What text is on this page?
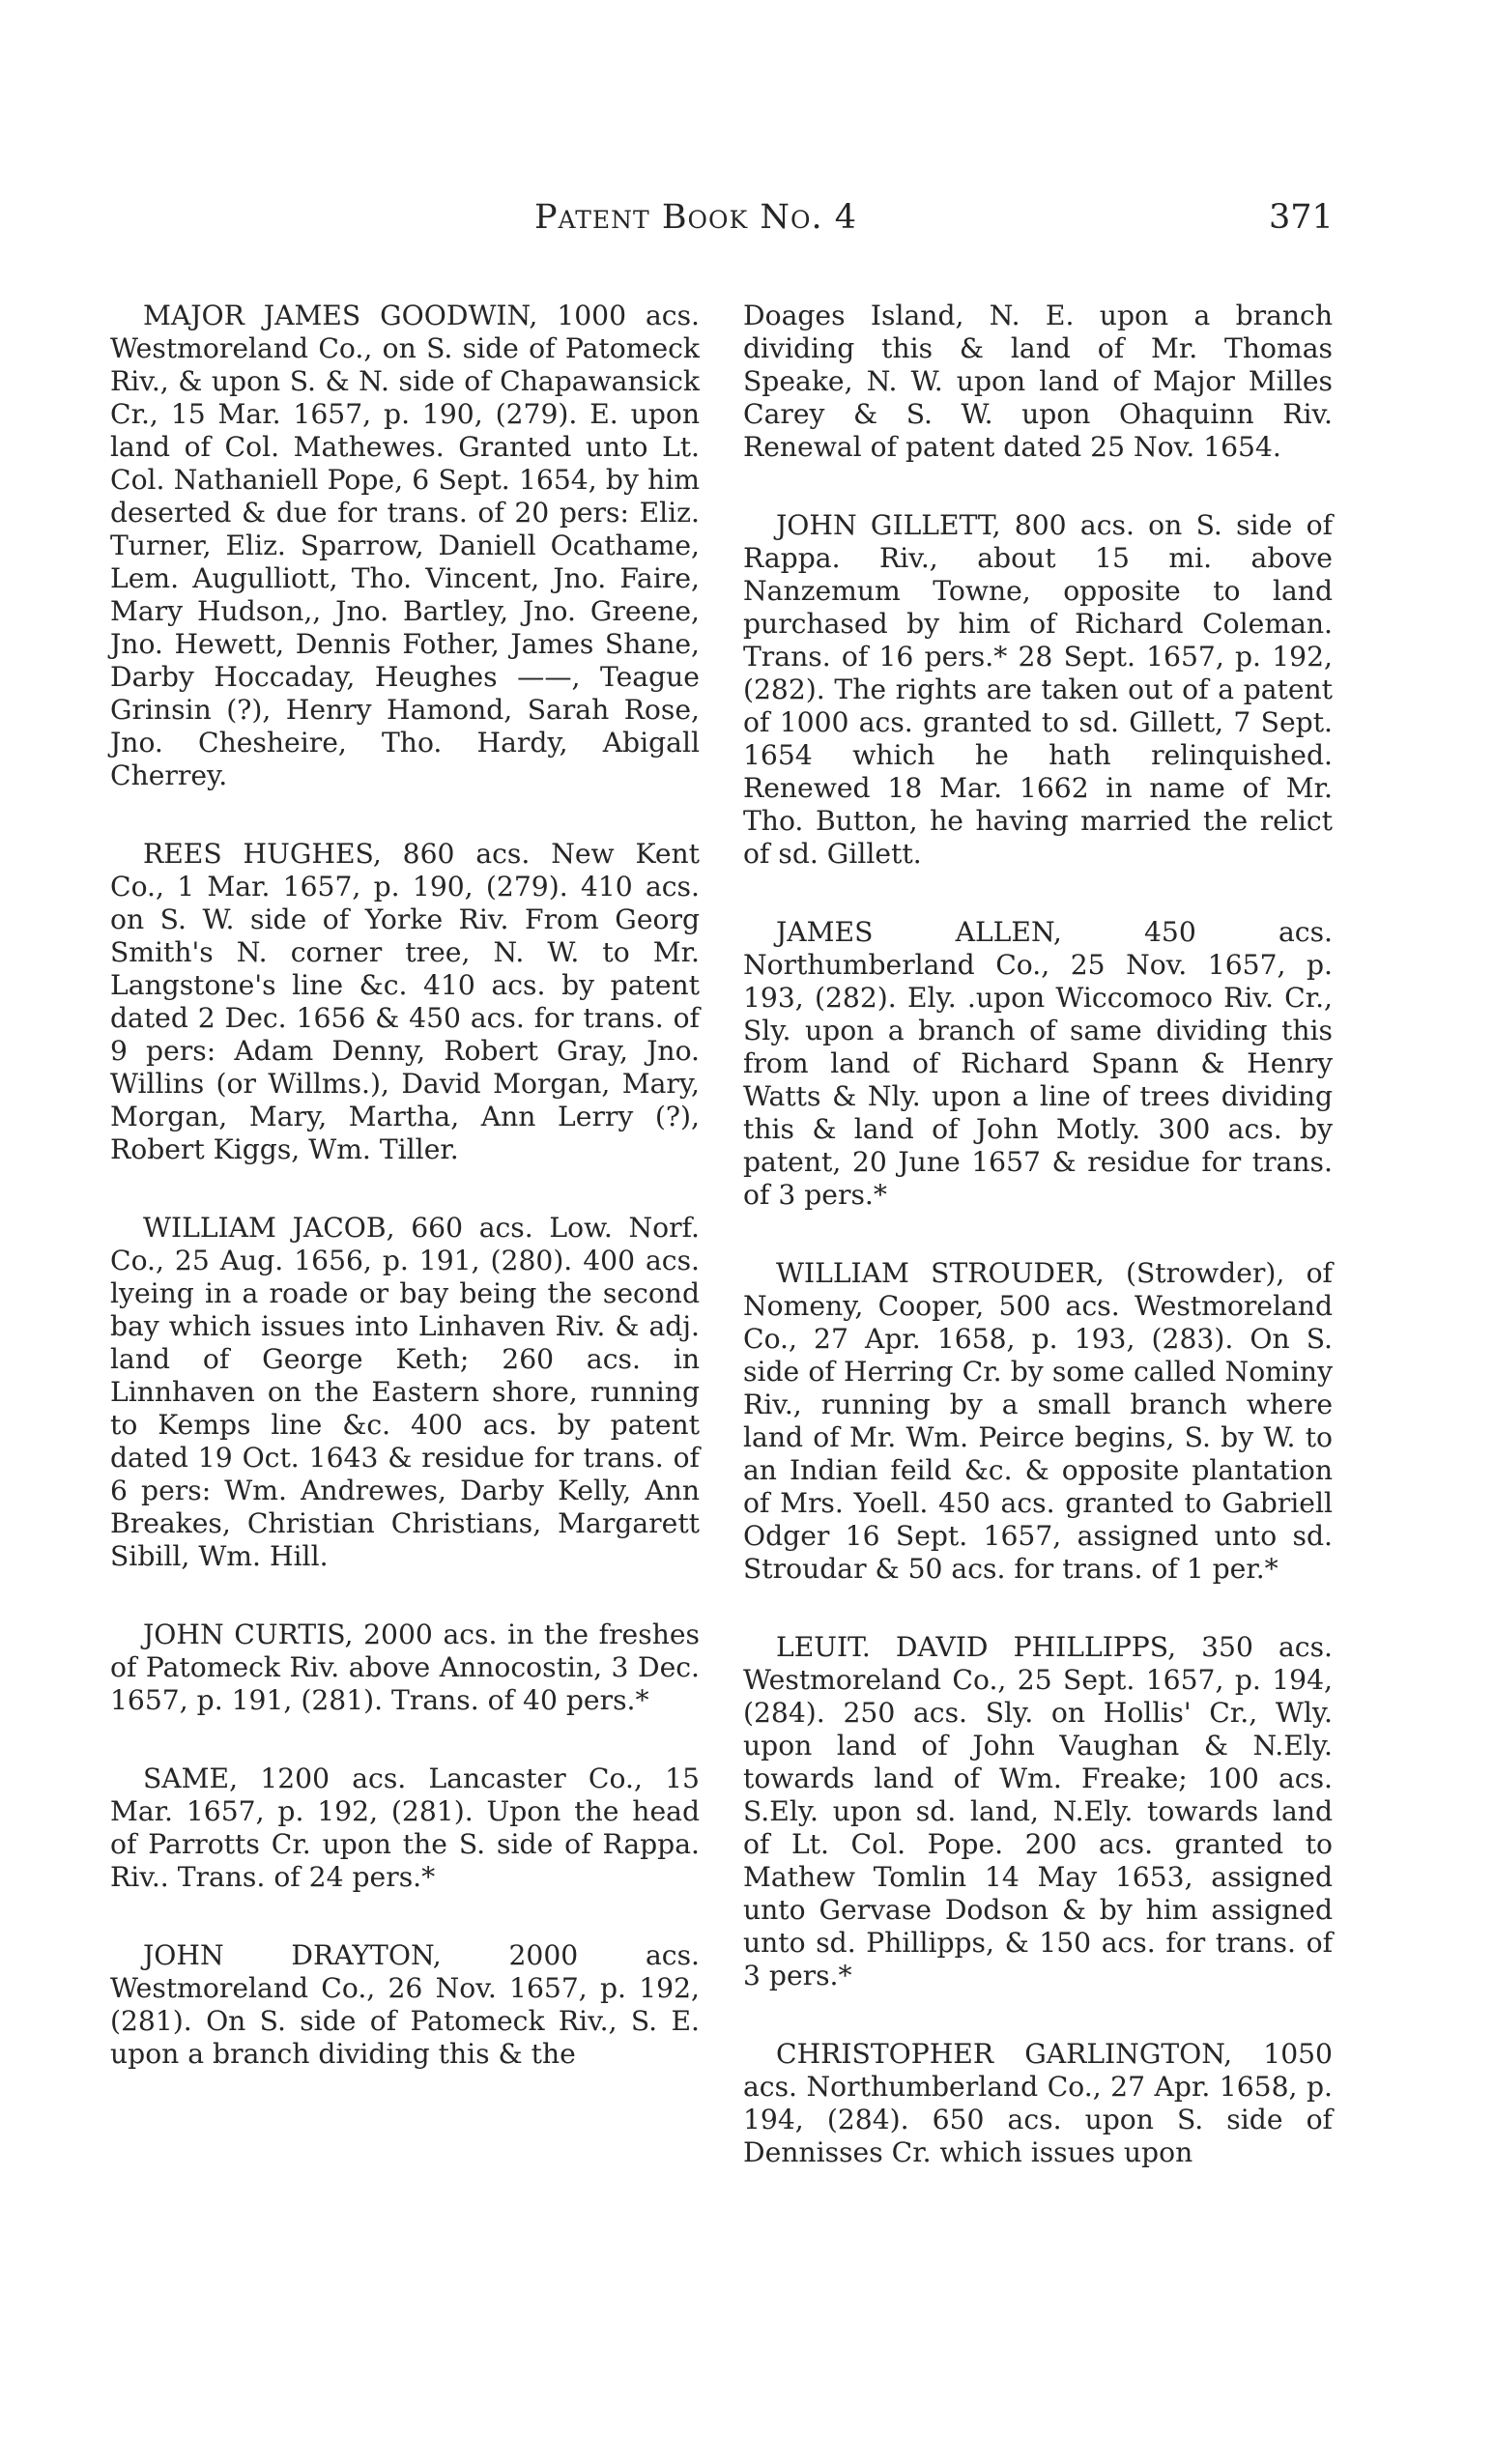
Patent Book No. 4	371

MAJOR JAMES GOODWIN, 1000 acs. Westmoreland Co., on S. side of Patomeck Riv., & upon S. & N. side of Chapawansick Cr., 15 Mar. 1657, p. 190, (279). E. upon land of Col. Mathewes. Granted unto Lt. Col. Nathaniell Pope, 6 Sept. 1654, by him deserted & due for trans. of 20 pers: Eliz. Turner, Eliz. Sparrow, Daniell Ocathame, Lem. Augulliott, Tho. Vincent, Jno. Faire, Mary Hudson,, Jno. Bartley, Jno. Greene, Jno. Hewett, Dennis Fother, James Shane, Darby Hoccaday, Heughes ——, Teague Grinsin (?), Henry Hamond, Sarah Rose, Jno. Chesheire, Tho. Hardy, Abigall Cherrey.

REES HUGHES, 860 acs. New Kent Co., 1 Mar. 1657, p. 190, (279). 410 acs. on S. W. side of Yorke Riv. From Georg Smith's N. corner tree, N. W. to Mr. Langstone's line &c. 410 acs. by patent dated 2 Dec. 1656 & 450 acs. for trans. of 9 pers: Adam Denny, Robert Gray, Jno. Willins (or Willms.), David Morgan, Mary, Morgan, Mary, Martha, Ann Lerry (?), Robert Kiggs, Wm. Tiller.

WILLIAM JACOB, 660 acs. Low. Norf. Co., 25 Aug. 1656, p. 191, (280). 400 acs. lyeing in a roade or bay being the second bay which issues into Linhaven Riv. & adj. land of George Keth; 260 acs. in Linnhaven on the Eastern shore, running to Kemps line &c. 400 acs. by patent dated 19 Oct. 1643 & residue for trans. of 6 pers: Wm. Andrewes, Darby Kelly, Ann Breakes, Christian Christians, Margarett Sibill, Wm. Hill.

JOHN CURTIS, 2000 acs. in the freshes of Patomeck Riv. above Annocostin, 3 Dec. 1657, p. 191, (281). Trans. of 40 pers.*

SAME, 1200 acs. Lancaster Co., 15 Mar. 1657, p. 192, (281). Upon the head of Parrotts Cr. upon the S. side of Rappa. Riv.. Trans. of 24 pers.*

JOHN DRAYTON, 2000 acs. Westmoreland Co., 26 Nov. 1657, p. 192, (281). On S. side of Patomeck Riv., S. E. upon a branch dividing this & the

Doages Island, N. E. upon a branch dividing this & land of Mr. Thomas Speake, N. W. upon land of Major Milles Carey & S. W. upon Ohaquinn Riv. Renewal of patent dated 25 Nov. 1654.

JOHN GILLETT, 800 acs. on S. side of Rappa. Riv., about 15 mi. above Nanzemum Towne, opposite to land purchased by him of Richard Coleman. Trans. of 16 pers.* 28 Sept. 1657, p. 192, (282). The rights are taken out of a patent of 1000 acs. granted to sd. Gillett, 7 Sept. 1654 which he hath relinquished. Renewed 18 Mar. 1662 in name of Mr. Tho. Button, he having married the relict of sd. Gillett.

JAMES ALLEN, 450 acs. Northumberland Co., 25 Nov. 1657, p. 193, (282). Ely. .upon Wiccomoco Riv. Cr., Sly. upon a branch of same dividing this from land of Richard Spann & Henry Watts & Nly. upon a line of trees dividing this & land of John Motly. 300 acs. by patent, 20 June 1657 & residue for trans. of 3 pers.*

WILLIAM STROUDER, (Strowder), of Nomeny, Cooper, 500 acs. Westmoreland Co., 27 Apr. 1658, p. 193, (283). On S. side of Herring Cr. by some called Nominy Riv., running by a small branch where land of Mr. Wm. Peirce begins, S. by W. to an Indian feild &c. & opposite plantation of Mrs. Yoell. 450 acs. granted to Gabriell Odger 16 Sept. 1657, assigned unto sd. Stroudar & 50 acs. for trans. of 1 per.*

LEUIT. DAVID PHILLIPPS, 350 acs. Westmoreland Co., 25 Sept. 1657, p. 194, (284). 250 acs. Sly. on Hollis' Cr., Wly. upon land of John Vaughan & N.Ely. towards land of Wm. Freake; 100 acs. S.Ely. upon sd. land, N.Ely. towards land of Lt. Col. Pope. 200 acs. granted to Mathew Tomlin 14 May 1653, assigned unto Gervase Dodson & by him assigned unto sd. Phillipps, & 150 acs. for trans. of 3 pers.*

CHRISTOPHER GARLINGTON, 1050 acs. Northumberland Co., 27 Apr. 1658, p. 194, (284). 650 acs. upon S. side of Dennisses Cr. which issues upon
